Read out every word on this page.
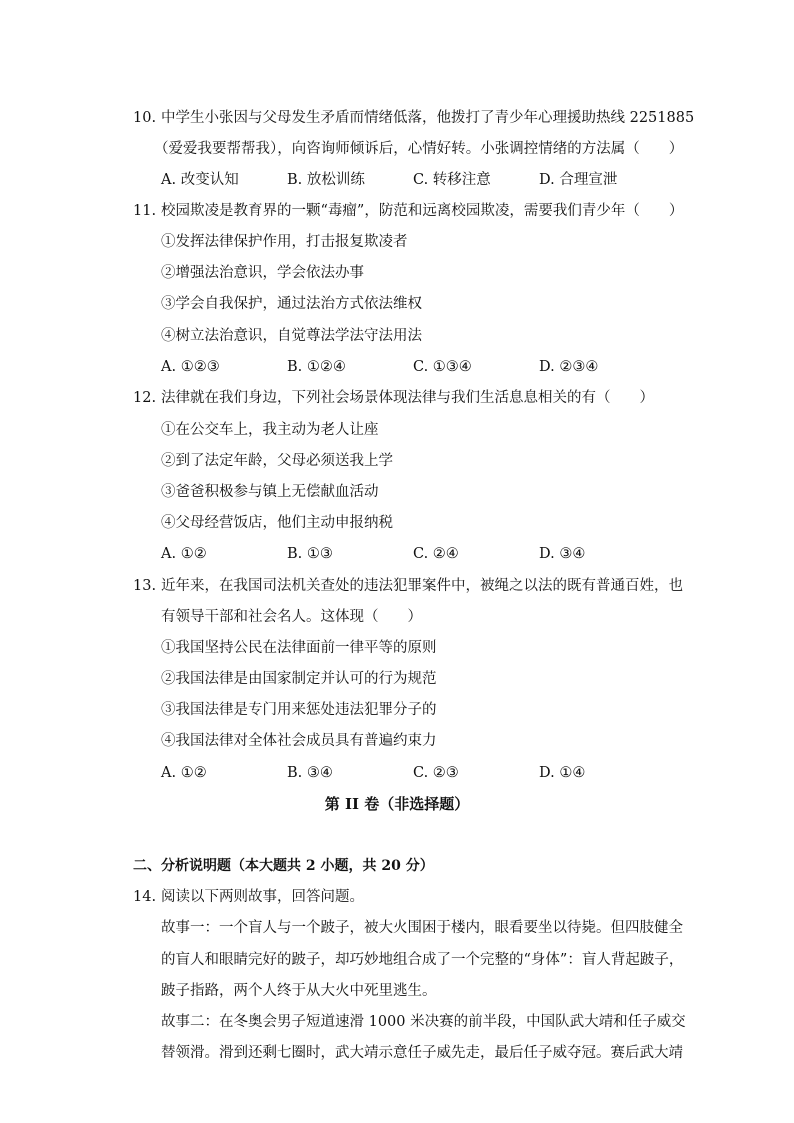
10. 中学生小张因与父母发生矛盾而情绪低落，他拨打了青少年心理援助热线 2251885
（爱爱我要帮帮我），向咨询师倾诉后，心情好转。小张调控情绪的方法属（　　）
A. 改变认知	B. 放松训练	C. 转移注意	D. 合理宣泄
11. 校园欺凌是教育界的一颗“毒瘤”，防范和远离校园欺凌，需要我们青少年（　　）
①发挥法律保护作用，打击报复欺凌者
②增强法治意识，学会依法办事
③学会自我保护，通过法治方式依法维权
④树立法治意识，自觉尊法学法守法用法
A. ①②③	B. ①②④	C. ①③④	D. ②③④
12. 法律就在我们身边，下列社会场景体现法律与我们生活息息相关的有（　　）
①在公交车上，我主动为老人让座
②到了法定年龄，父母必须送我上学
③爸爸积极参与镇上无偿献血活动
④父母经营饭店，他们主动申报纳税
A. ①②	B. ①③	C. ②④	D. ③④
13. 近年来，在我国司法机关查处的违法犯罪案件中，被绳之以法的既有普通百姓，也
有领导干部和社会名人。这体现（　　）
①我国坚持公民在法律面前一律平等的原则
②我国法律是由国家制定并认可的行为规范
③我国法律是专门用来惩处违法犯罪分子的
④我国法律对全体社会成员具有普遍约束力
A. ①②	B. ③④	C. ②③	D. ①④
第 II 卷（非选择题）
二、分析说明题（本大题共 2 小题，共 20 分）
14. 阅读以下两则故事，回答问题。
故事一：一个盲人与一个跛子，被大火围困于楼内，眼看要坐以待毙。但四肢健全
的盲人和眼睛完好的跛子，却巧妙地组合成了一个完整的“身体”：盲人背起跛子，
跛子指路，两个人终于从大火中死里逃生。
故事二：在冬奥会男子短道速滑 1000 米决赛的前半段，中国队武大靖和任子威交
替领滑。滑到还剩七圈时，武大靖示意任子威先走，最后任子威夺冠。赛后武大靖
